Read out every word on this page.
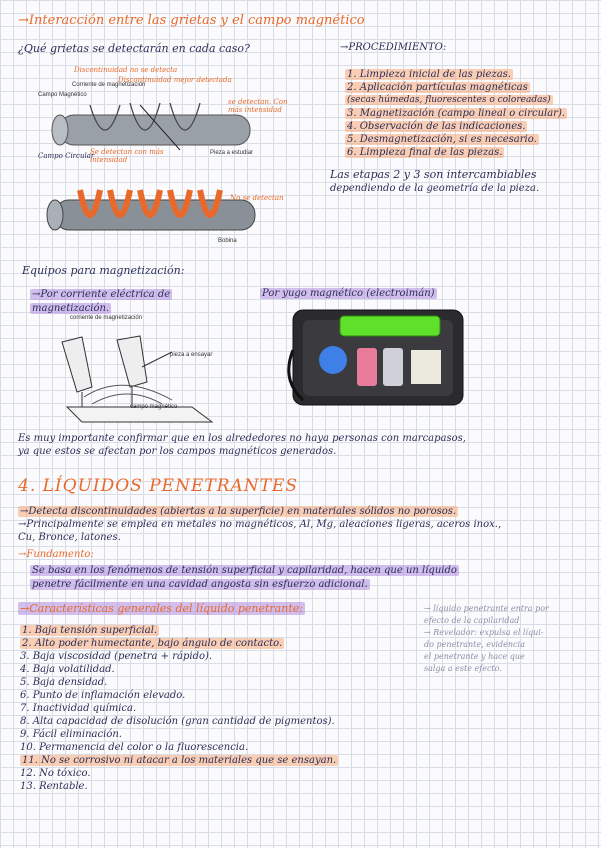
→Interacción entre las grietas y el campo magnético
¿Qué grietas se detectarán en cada caso?	→PROCEDIMIENTO:
Discontinuidad no se detecta
Discontinuidad mejor detectada
se detectan. Con más intensidad
Campo Circular
Se detectan con más intensidad
No se detectan
Campo Magnético
Corriente de magnetización
Pieza a estudiar
Bobina
1. Limpieza inicial de las piezas.
2. Aplicación partículas magnéticas
(secas húmedas, fluorescentes o coloreadas)
3. Magnetización (campo lineal o circular).
4. Observación de las indicaciones.
5. Desmagnetización, si es necesario.
6. Limpieza final de las piezas.
Las etapas 2 y 3 son intercambiables
dependiendo de la geometría de la pieza.
Equipos para magnetización:
→Por corriente eléctrica de
magnetización.
Por yugo magnético (electroimán)
corriente de magnetización
pieza a ensayar
campo magnético
Es muy importante confirmar que en los alrededores no haya personas con marcapasos,
ya que estos se afectan por los campos magnéticos generados.
4. LÍQUIDOS PENETRANTES
→Detecta discontinuidades (abiertas a la superficie) en materiales sólidos no porosos.
→Principalmente se emplea en metales no magnéticos, Al, Mg, aleaciones ligeras, aceros inox.,
Cu, Bronce, latones.
→Fundamento:
Se basa en los fenómenos de tensión superficial y capilaridad, hacen que un líquido
penetre fácilmente en una cavidad angosta sin esfuerzo adicional.
→Características generales del líquido penetrante:
1. Baja tensión superficial.
2. Alto poder humectante, bajo ángulo de contacto.
3. Baja viscosidad (penetra + rápido).
4. Baja volatilidad.
5. Baja densidad.
6. Punto de inflamación elevado.
7. Inactividad química.
8. Alta capacidad de disolución (gran cantidad de pigmentos).
9. Fácil eliminación.
10. Permanencia del color o la fluorescencia.
11. No se corrosivo ni atacar a los materiales que se ensayan.
12. No tóxico.
13. Rentable.
→ líquido penetrante entra por
efecto de la capilaridad
→ Revelador: expulsa el líqui-
do penetrante, evidencia
el penetrante y hace que
salga a este efecto.
